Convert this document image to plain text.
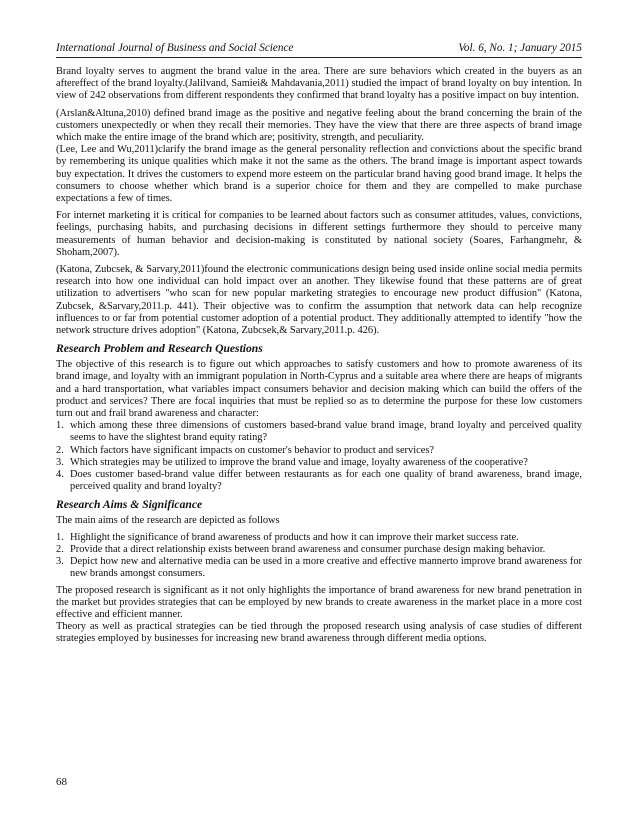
International Journal of Business and Social Science	Vol. 6, No. 1; January 2015

Brand loyalty serves to augment the brand value in the area. There are sure behaviors which created in the buyers as an aftereffect of the brand loyalty.(Jalilvand, Samiei& Mahdavania,2011) studied the impact of brand loyalty on buy intention. In view of 242 observations from different respondents they confirmed that brand loyalty has a positive impact on buy intention.

(Arslan&Altuna,2010) defined brand image as the positive and negative feeling about the brand concerning the brain of the customers unexpectedly or when they recall their memories. They have the view that there are three aspects of brand image which make the entire image of the brand which are; positivity, strength, and peculiarity.

(Lee, Lee and Wu,2011)clarify the brand image as the general personality reflection and convictions about the specific brand by remembering its unique qualities which make it not the same as the others. The brand image is important aspect towards buy expectation. It drives the customers to expend more esteem on the particular brand having good brand image. It helps the consumers to choose whether which brand is a superior choice for them and they are compelled to make purchase expectations a few of times.

For internet marketing it is critical for companies to be learned about factors such as consumer attitudes, values, convictions, feelings, purchasing habits, and purchasing decisions in different settings furthermore they should to perceive many measurements of human behavior and decision-making is constituted by national society (Soares, Farhangmehr, & Shoham,2007).

(Katona, Zubcsek, & Sarvary,2011)found the electronic communications design being used inside online social media permits research into how one individual can hold impact over an another. They likewise found that these patterns are of great utilization to advertisers "who scan for new popular marketing strategies to encourage new product diffusion" (Katona, Zubcsek, &Sarvary,2011.p. 441). Their objective was to confirm the assumption that network data can help recognize influences to or far from potential customer adoption of a potential product. They additionally attempted to identify "how the network structure drives adoption" (Katona, Zubcsek,& Sarvary,2011.p. 426).

Research Problem and Research Questions

The objective of this research is to figure out which approaches to satisfy customers and how to promote awareness of its brand image, and loyalty with an immigrant population in North-Cyprus and a suitable area where there are heaps of migrants and a hard transportation, what variables impact consumers behavior and decision making which can build the offers of the product and services? There are focal inquiries that must be replied so as to determine the purpose for these low customers turn out and frail brand awareness and character:

1. which among these three dimensions of customers based-brand value brand image, brand loyalty and perceived quality seems to have the slightest brand equity rating?
2. Which factors have significant impacts on customer's behavior to product and services?
3. Which strategies may be utilized to improve the brand value and image, loyalty awareness of the cooperative?
4. Does customer based-brand value differ between restaurants as for each one quality of brand awareness, brand image, perceived quality and brand loyalty?
Research Aims & Significance

The main aims of the research are depicted as follows

1. Highlight the significance of brand awareness of products and how it can improve their market success rate.
2. Provide that a direct relationship exists between brand awareness and consumer purchase design making behavior.
3. Depict how new and alternative media can be used in a more creative and effective mannerto improve brand awareness for new brands amongst consumers.

The proposed research is significant as it not only highlights the importance of brand awareness for new brand penetration in the market but provides strategies that can be employed by new brands to create awareness in the market place in a more cost effective and efficient manner.

Theory as well as practical strategies can be tied through the proposed research using analysis of case studies of different strategies employed by businesses for increasing new brand awareness through different media options.

68
